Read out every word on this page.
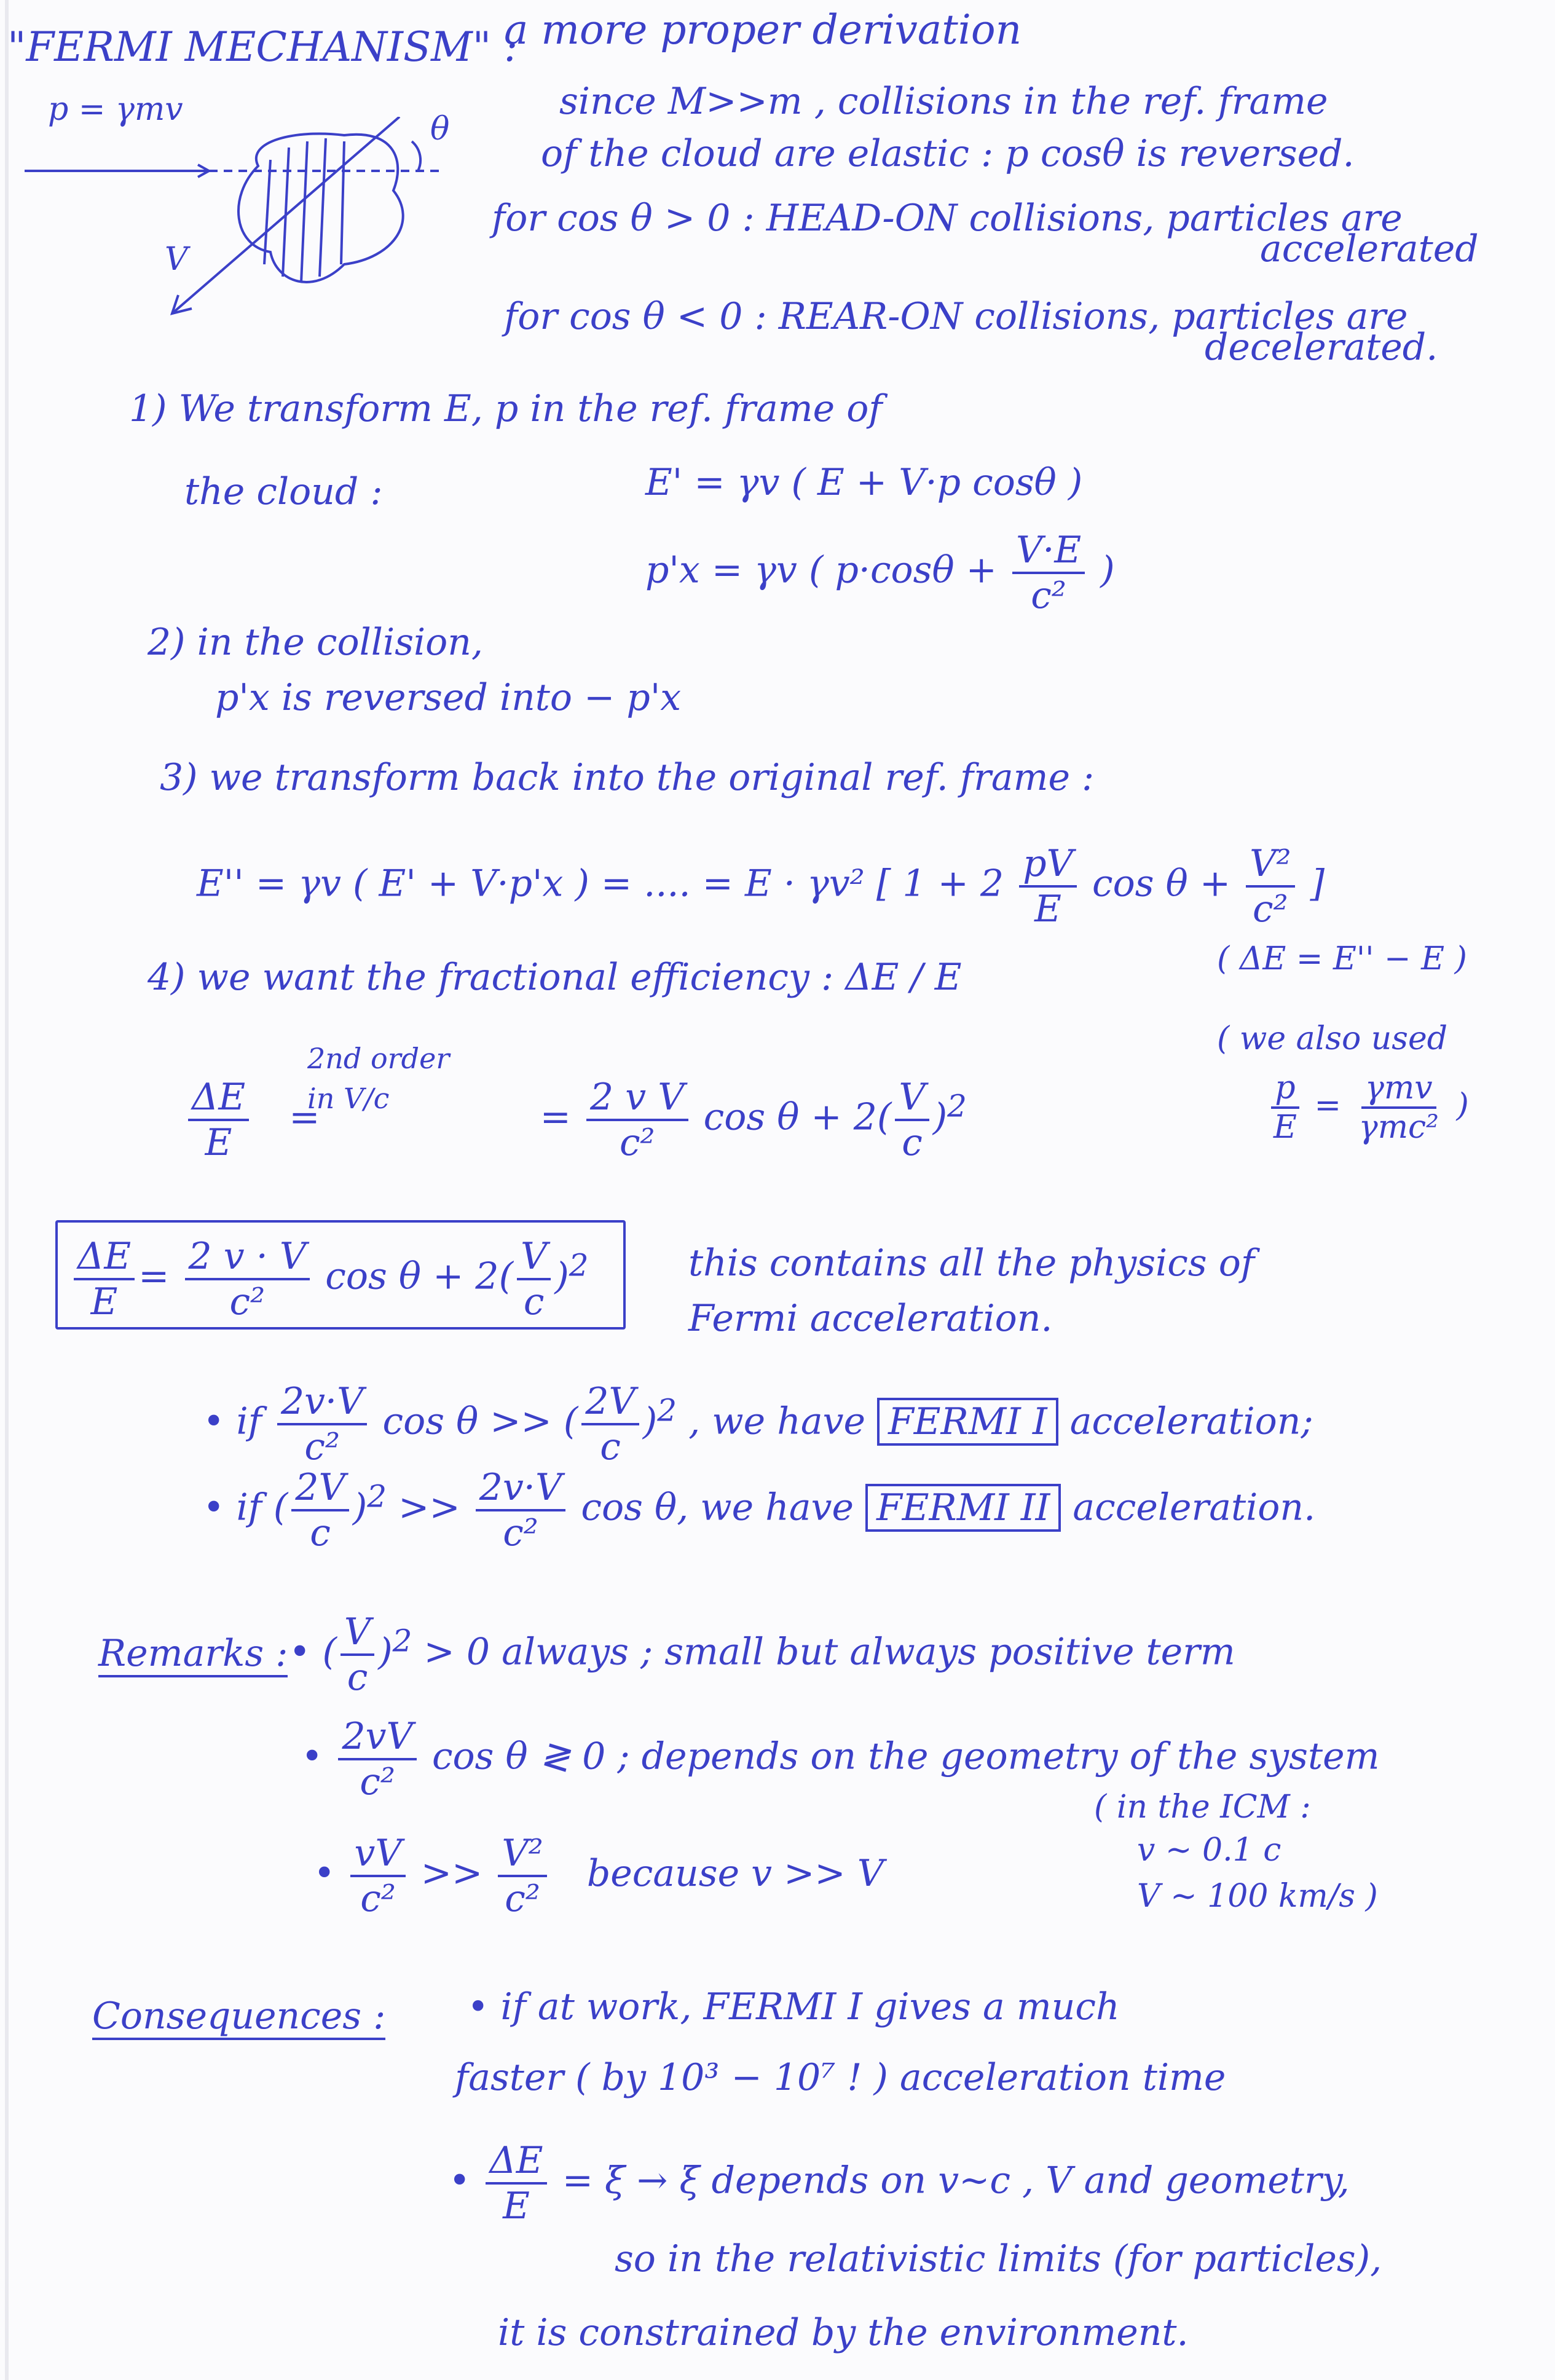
"FERMI MECHANISM" :
a more proper derivation
p = γmv
θ
V
since M>>m , collisions in the ref. frame
of the cloud are elastic : p cosθ is reversed.
for cos θ > 0 : HEAD-ON collisions, particles are
accelerated
for cos θ < 0 : REAR-ON collisions, particles are
decelerated.
1) We transform E, p in the ref. frame of
the cloud :	E' = γv ( E + V·p cosθ )
p'x = γv ( $p\cdot\cos\theta + \frac{V\cdot E}{\text{c²}}$ )
2) in the collision,
p'x is reversed into − p'x
3) we transform back into the original ref. frame :
E'' = γv ( E' + V·p'x ) = .... = E · γv² [ $1 + 2 \frac{pV}{E}$ $\cos \theta + \frac{\text{V²}}{\text{c²}}$ ]
4) we want the fractional efficiency : ΔE / E	( ΔE = E'' − E )
2nd order
in V/c
$\frac{\Delta E}{E}$ =	= $\frac{\text{2 v V}}{\text{c²}}$ $\cos \theta + 2( \frac{V}{c} )^2$
( we also used
$\frac{p}{E} = \frac{\text{γmv}}{\text{γmc²}}$ )
$\frac{\Delta E}{E} = \frac{2 v \cdot V}{\text{c²}}$ $\cos \theta + 2( \frac{V}{c} )^2$	this contains all the physics of
Fermi acceleration.
• if $\frac{2v\cdot V}{\text{c²}}$ cos θ >> ( $\frac{2V}{c} )^2$ , we have FERMI I acceleration;
• if ( $\frac{2V}{c} )^2 >> \frac{2v\cdot V}{\text{c²}}$ cos θ, we have FERMI II acceleration.
Remarks : • ( $\frac{V}{c} )^2 > 0$ always ; small but always positive term
• $\frac{2vV}{\text{c²}}$ cos θ ≷ 0 ; depends on the geometry of the system
• $\frac{vV}{\text{c²}} >> \frac{\text{V²}}{\text{c²}}$ because v >> V
( in the ICM :
v ~ 0.1 c
V ~ 100 km/s )
Consequences : • if at work, FERMI I gives a much
faster ( by 10³ − 10⁷ ! ) acceleration time
• $\frac{\Delta E}{E} = \xi \to \xi$ depends on v~c , V and geometry,
so in the relativistic limits (for particles),
it is constrained by the environment.
